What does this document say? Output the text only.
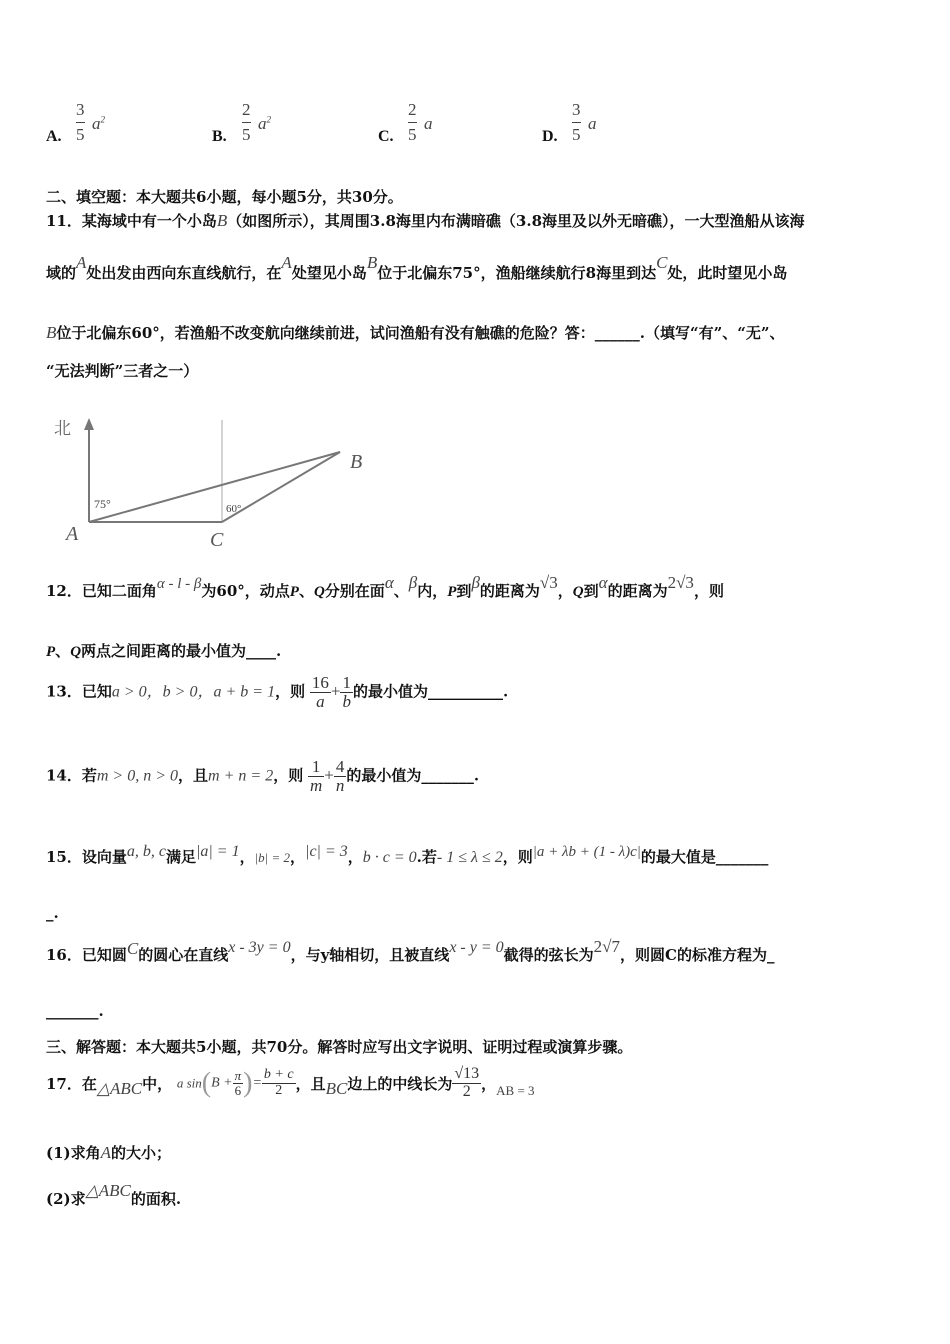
A.
3
5
$a^2$
B.
2
5
$a^2$
C.
2
5
a
D.
3
5
a
二、填空题：本大题共6小题，每小题5分，共30分。
11．某海域中有一个小岛B（如图所示），其周围3.8海里内布满暗礁（3.8海里及以外无暗礁），一大型渔船从该海
域的A处出发由西向东直线航行，在A处望见小岛B位于北偏东75°，渔船继续航行8海里到达C处，此时望见小岛
B位于北偏东60°，若渔船不改变航向继续前进，试问渔船有没有触礁的危险？答：______.（填写“有”、“无”、
“无法判断”三者之一）
北
75°	60°
A	C
B
12．已知二面角α - l - β为60°，动点P、Q分别在面α、β内，P到β的距离为√3，Q到α的距离为2√3，则
P、Q两点之间距离的最小值为____.
13．已知a > 0，b > 0，a + b = 1，则 $\frac{16}{a} + \frac{1}{b}$ 的最小值为__________.
14．若m > 0, n > 0，且m + n = 2，则 $\frac{1}{m} + \frac{4}{n}$ 的最小值为_______.
15．设向量a, b, c满足|a| = 1，|b| = 2，|c| = 3，b · c = 0.若- 1 ≤ λ ≤ 2，则|a + λb + (1 - λ)c|的最大值是_______
_.
16．已知圆C的圆心在直线x - 3y = 0，与y轴相切，且被直线x - y = 0截得的弦长为2√7，则圆C的标准方程为_
_______.
三、解答题：本大题共5小题，共70分。解答时应写出文字说明、证明过程或演算步骤。
17．在△ABC中， a $\sin(B + \frac{\pi}{6}$ )= $\frac{b + c}{2}$ ，且BC边上的中线长为 $\frac{√13}{2}$ ，AB = 3
(1)求角A的大小；
(2)求△ABC的面积.
